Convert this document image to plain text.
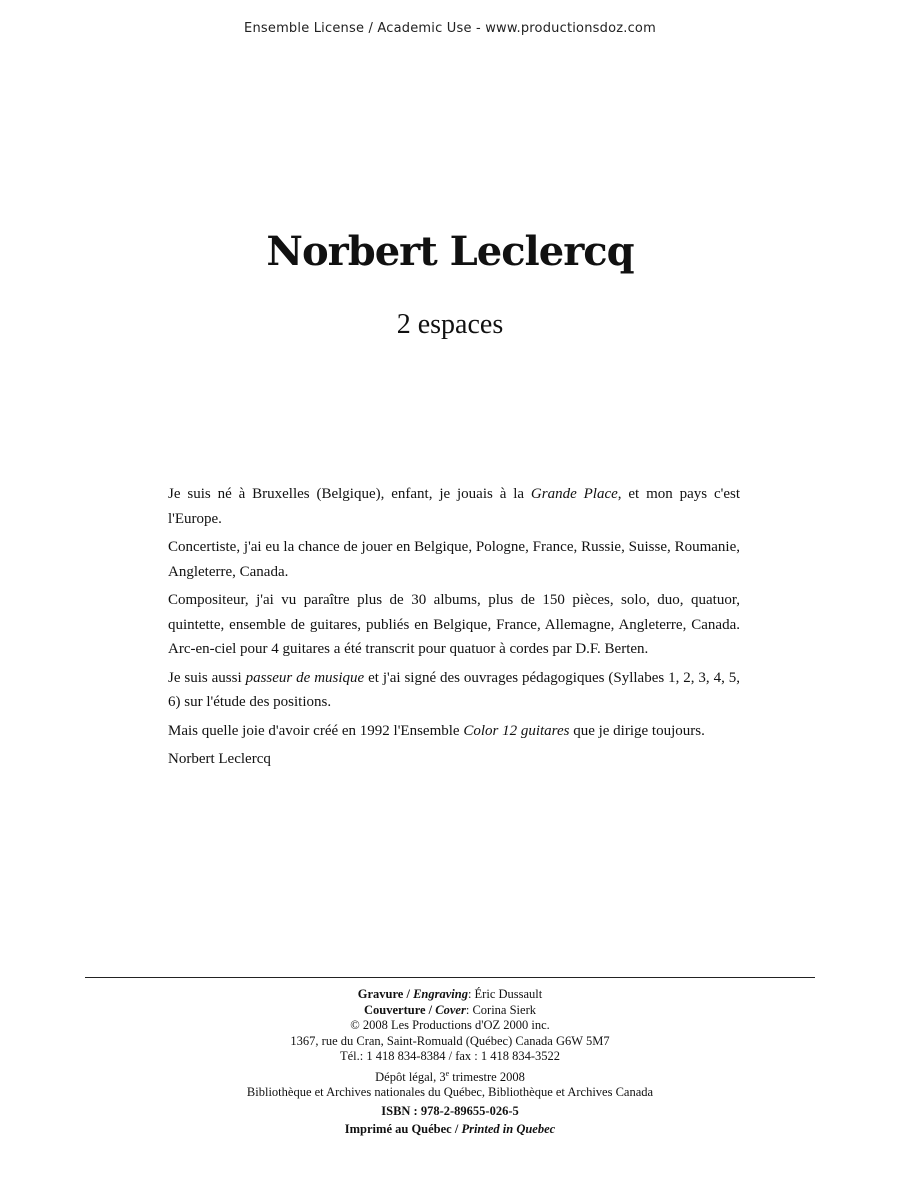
Ensemble License / Academic Use - www.productionsdoz.com
Norbert Leclercq
2 espaces

Je suis né à Bruxelles (Belgique), enfant, je jouais à la Grande Place, et mon pays c'est l'Europe.

Concertiste, j'ai eu la chance de jouer en Belgique, Pologne, France, Russie, Suisse, Roumanie, Angleterre, Canada.

Compositeur, j'ai vu paraître plus de 30 albums, plus de 150 pièces, solo, duo, quatuor, quintette, ensemble de guitares, publiés en Belgique, France, Allemagne, Angleterre, Canada. Arc-en-ciel pour 4 guitares a été transcrit pour quatuor à cordes par D.F. Berten.

Je suis aussi passeur de musique et j'ai signé des ouvrages pédagogiques (Syllabes 1, 2, 3, 4, 5, 6) sur l'étude des positions.

Mais quelle joie d'avoir créé en 1992 l'Ensemble Color 12 guitares que je dirige toujours.

Norbert Leclercq

Gravure / Engraving: Éric Dussault
Couverture / Cover: Corina Sierk
© 2008 Les Productions d'OZ 2000 inc.
1367, rue du Cran, Saint-Romuald (Québec) Canada G6W 5M7
Tél.: 1 418 834-8384 / fax : 1 418 834-3522
Dépôt légal, 3e trimestre 2008
Bibliothèque et Archives nationales du Québec, Bibliothèque et Archives Canada
ISBN : 978-2-89655-026-5
Imprimé au Québec / Printed in Quebec
